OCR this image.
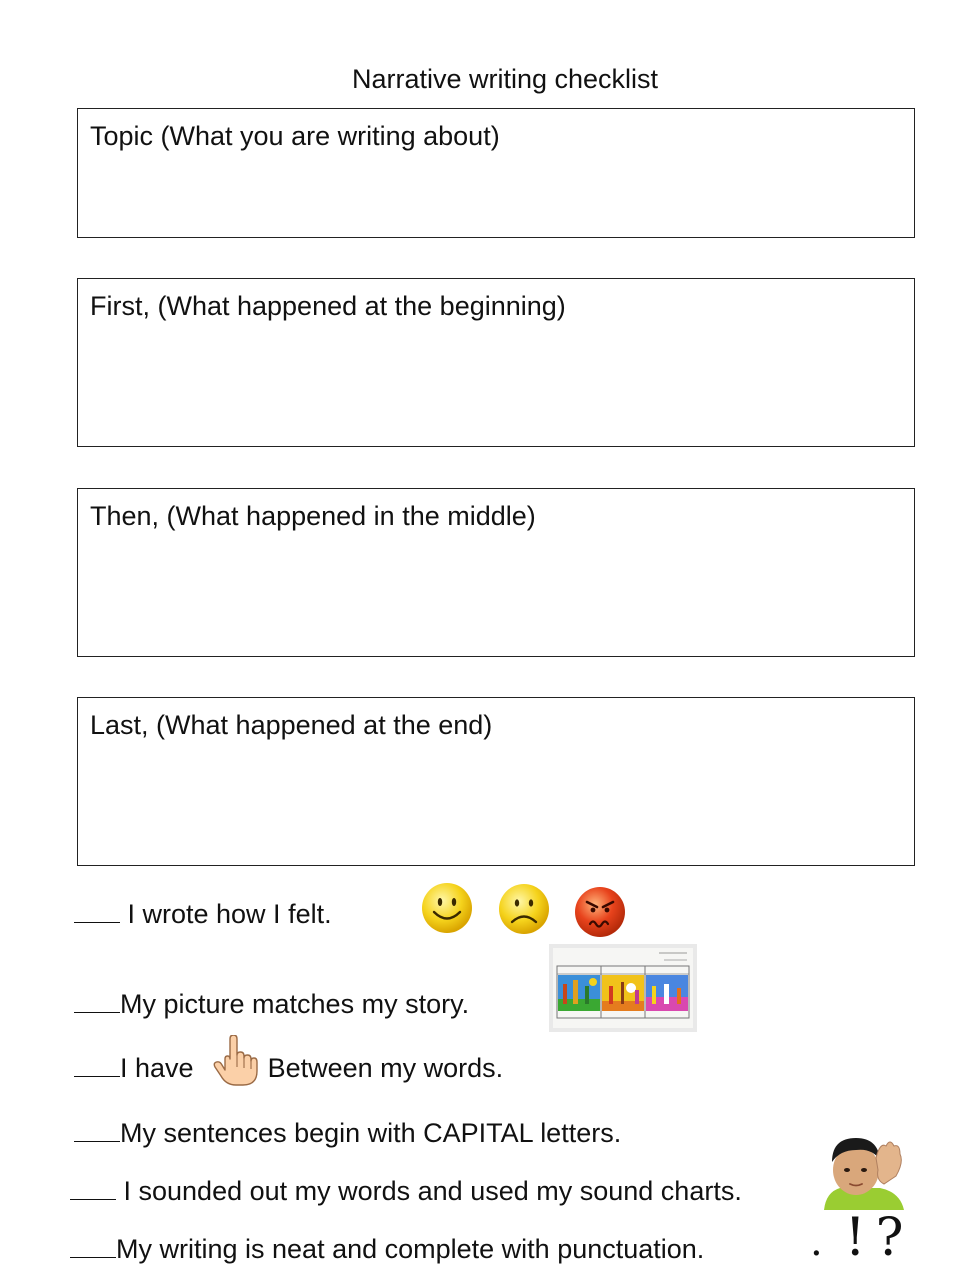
Narrative writing checklist
Topic (What you are writing about)
First, (What happened at the beginning)
Then, (What happened in the middle)
Last, (What happened at the end)
I wrote how I felt.
My picture matches my story.
I have	Between my words.
My sentences begin with CAPITAL letters.
I sounded out my words and used my sound charts.
My writing is neat and complete with punctuation.	. ! ?
